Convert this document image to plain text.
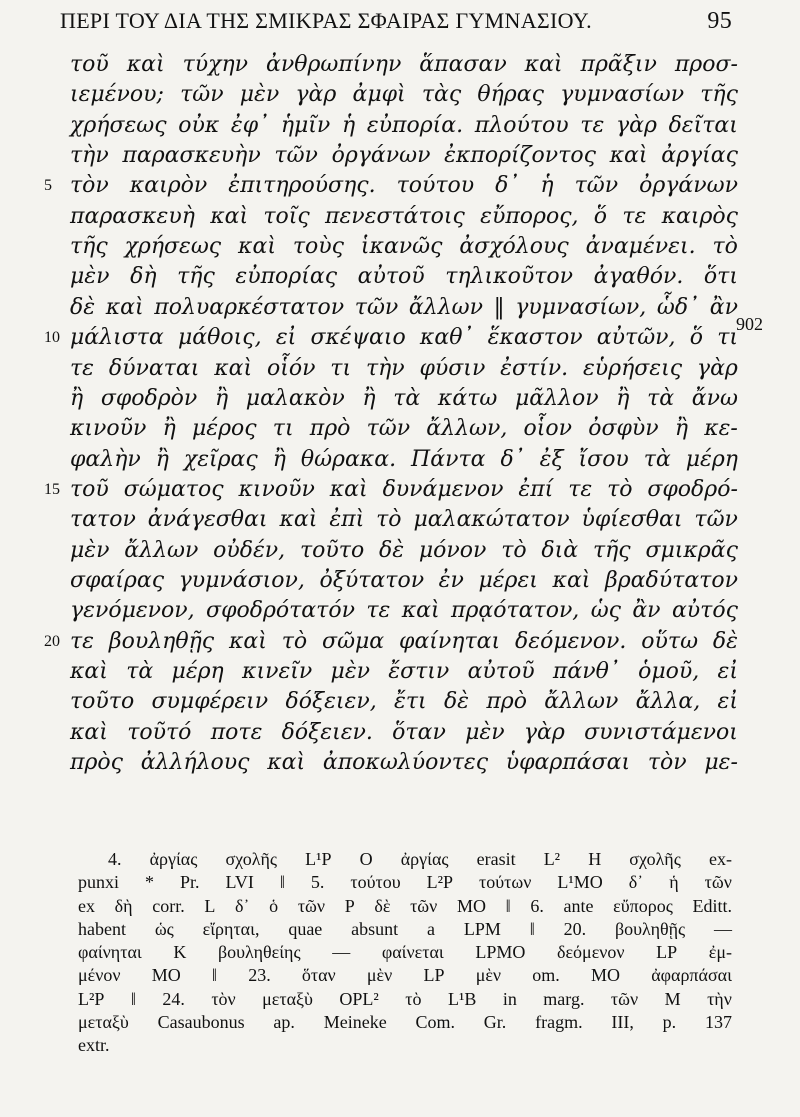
ΠΕΡΙ ΤΟΥ ΔΙΑ ΤΗΣ ΣΜΙΚΡΑΣ ΣΦΑΙΡΑΣ ΓΥΜΝΑΣΙΟΥ.	95
τοῦ καὶ τύχην ἀνθρωπίνην ἅπασαν καὶ πρᾶξιν προσ-
ιεμένου; τῶν μὲν γὰρ ἀμφὶ τὰς θήρας γυμνασίων τῆς
χρήσεως οὐκ ἐφ᾽ ἡμῖν ἡ εὐπορία. πλούτου τε γὰρ δεῖται
τὴν παρασκευὴν τῶν ὀργάνων ἐκπορίζοντος καὶ ἀργίας
τὸν καιρὸν ἐπιτηρούσης. τούτου δ᾽ ἡ τῶν ὀργάνων
5
παρασκευὴ καὶ τοῖς πενεστάτοις εὔπορος, ὅ τε καιρὸς
τῆς χρήσεως καὶ τοὺς ἱκανῶς ἀσχόλους ἀναμένει. τὸ
μὲν δὴ τῆς εὐπορίας αὐτοῦ τηλικοῦτον ἀγαθόν. ὅτι
δὲ καὶ πολυαρκέστατον τῶν ἄλλων ‖ γυμνασίων, ὧδ᾽ ἂν
μάλιστα μάθοις, εἰ σκέψαιο καθ᾽ ἕκαστον αὐτῶν, ὅ τι
10
τε δύναται καὶ οἷόν τι τὴν φύσιν ἐστίν. εὑρήσεις γὰρ
ἢ σφοδρὸν ἢ μαλακὸν ἢ τὰ κάτω μᾶλλον ἢ τὰ ἄνω
κινοῦν ἢ μέρος τι πρὸ τῶν ἄλλων, οἷον ὀσφὺν ἢ κε-
φαλὴν ἢ χεῖρας ἢ θώρακα. Πάντα δ᾽ ἐξ ἴσου τὰ μέρη
τοῦ σώματος κινοῦν καὶ δυνάμενον ἐπί τε τὸ σφοδρό-
15
τατον ἀνάγεσθαι καὶ ἐπὶ τὸ μαλακώτατον ὑφίεσθαι τῶν
μὲν ἄλλων οὐδέν, τοῦτο δὲ μόνον τὸ διὰ τῆς σμικρᾶς
σφαίρας γυμνάσιον, ὀξύτατον ἐν μέρει καὶ βραδύτατον
γενόμενον, σφοδρότατόν τε καὶ πρᾳότατον, ὡς ἂν αὐτός
τε βουληθῇς καὶ τὸ σῶμα φαίνηται δεόμενον. οὕτω δὲ
20
καὶ τὰ μέρη κινεῖν μὲν ἔστιν αὐτοῦ πάνθ᾽ ὁμοῦ, εἰ
τοῦτο συμφέρειν δόξειεν, ἔτι δὲ πρὸ ἄλλων ἄλλα, εἰ
καὶ τοῦτό ποτε δόξειεν. ὅταν μὲν γὰρ συνιστάμενοι
πρὸς ἀλλήλους καὶ ἀποκωλύοντες ὑφαρπάσαι τὸν με-
902
4. ἀργίας σχολῆς L¹P O ἀργίας erasit L² H σχολῆς ex-
punxi * Pr. LVI ‖ 5. τούτου L²P τούτων L¹MO δ᾽ ἡ τῶν
ex δὴ corr. L δ᾽ ὁ τῶν P δὲ τῶν MO ‖ 6. ante εὔπορος Editt.
habent ὡς εἴρηται, quae absunt a LPM ‖ 20. βουληθῇς —
φαίνηται K βουληθείης — φαίνεται LPMO δεόμενον LP ἐμ-
μένον MO ‖ 23. ὅταν μὲν LP μὲν om. MO ἀφαρπάσαι
L²P ‖ 24. τὸν μεταξὺ OPL² τὸ L¹B in marg. τῶν M τὴν
μεταξὺ Casaubonus ap. Meineke Com. Gr. fragm. III, p. 137
extr.
